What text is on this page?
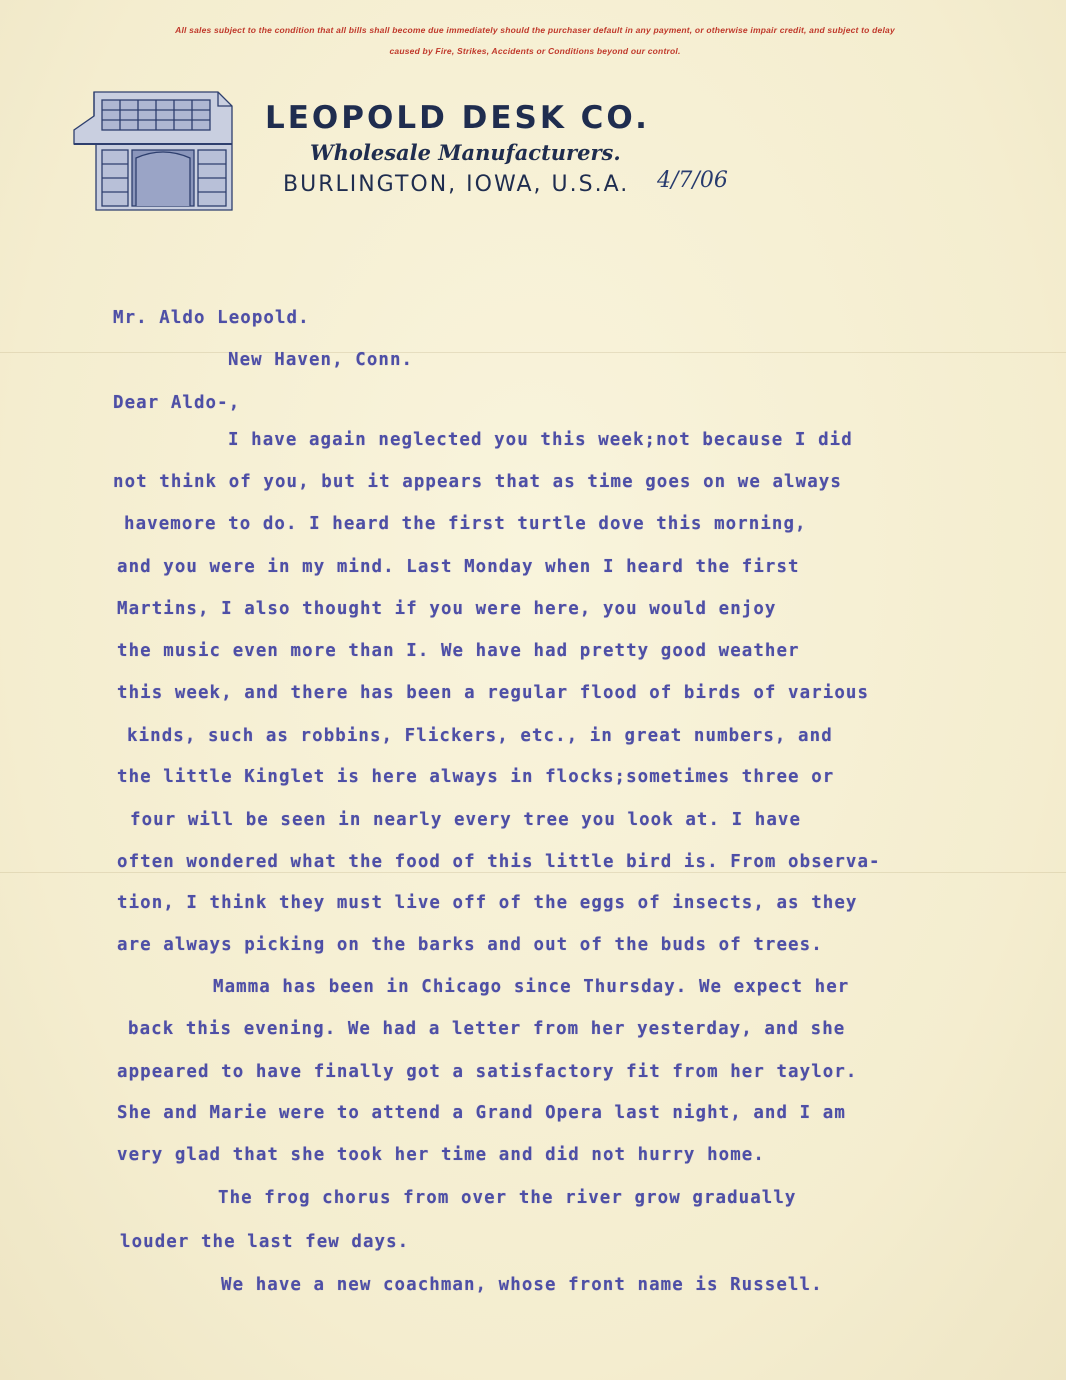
All sales subject to the condition that all bills shall become due immediately should the purchaser default in any payment, or otherwise impair credit, and subject to delay
caused by Fire, Strikes, Accidents or Conditions beyond our control.
LEOPOLD DESK CO.
Wholesale Manufacturers.
BURLINGTON, IOWA, U.S.A. 4/7/06
Mr. Aldo Leopold.
New Haven, Conn.
Dear Aldo-,
I have again neglected you this week;not because I did
not think of you, but it appears that as time goes on we always
havemore to do. I heard the first turtle dove this morning,
and you were in my mind. Last Monday when I heard the first
Martins, I also thought if you were here, you would enjoy
the music even more than I. We have had pretty good weather
this week, and there has been a regular flood of birds of various
kinds, such as robbins, Flickers, etc., in great numbers, and
the little Kinglet is here always in flocks;sometimes three or
four will be seen in nearly every tree you look at. I have
often wondered what the food of this little bird is. From observa-
tion, I think they must live off of the eggs of insects, as they
are always picking on the barks and out of the buds of trees.
Mamma has been in Chicago since Thursday. We expect her
back this evening. We had a letter from her yesterday, and she
appeared to have finally got a satisfactory fit from her taylor.
She and Marie were to attend a Grand Opera last night, and I am
very glad that she took her time and did not hurry home.
The frog chorus from over the river grow gradually
louder the last few days.
We have a new coachman, whose front name is Russell.
